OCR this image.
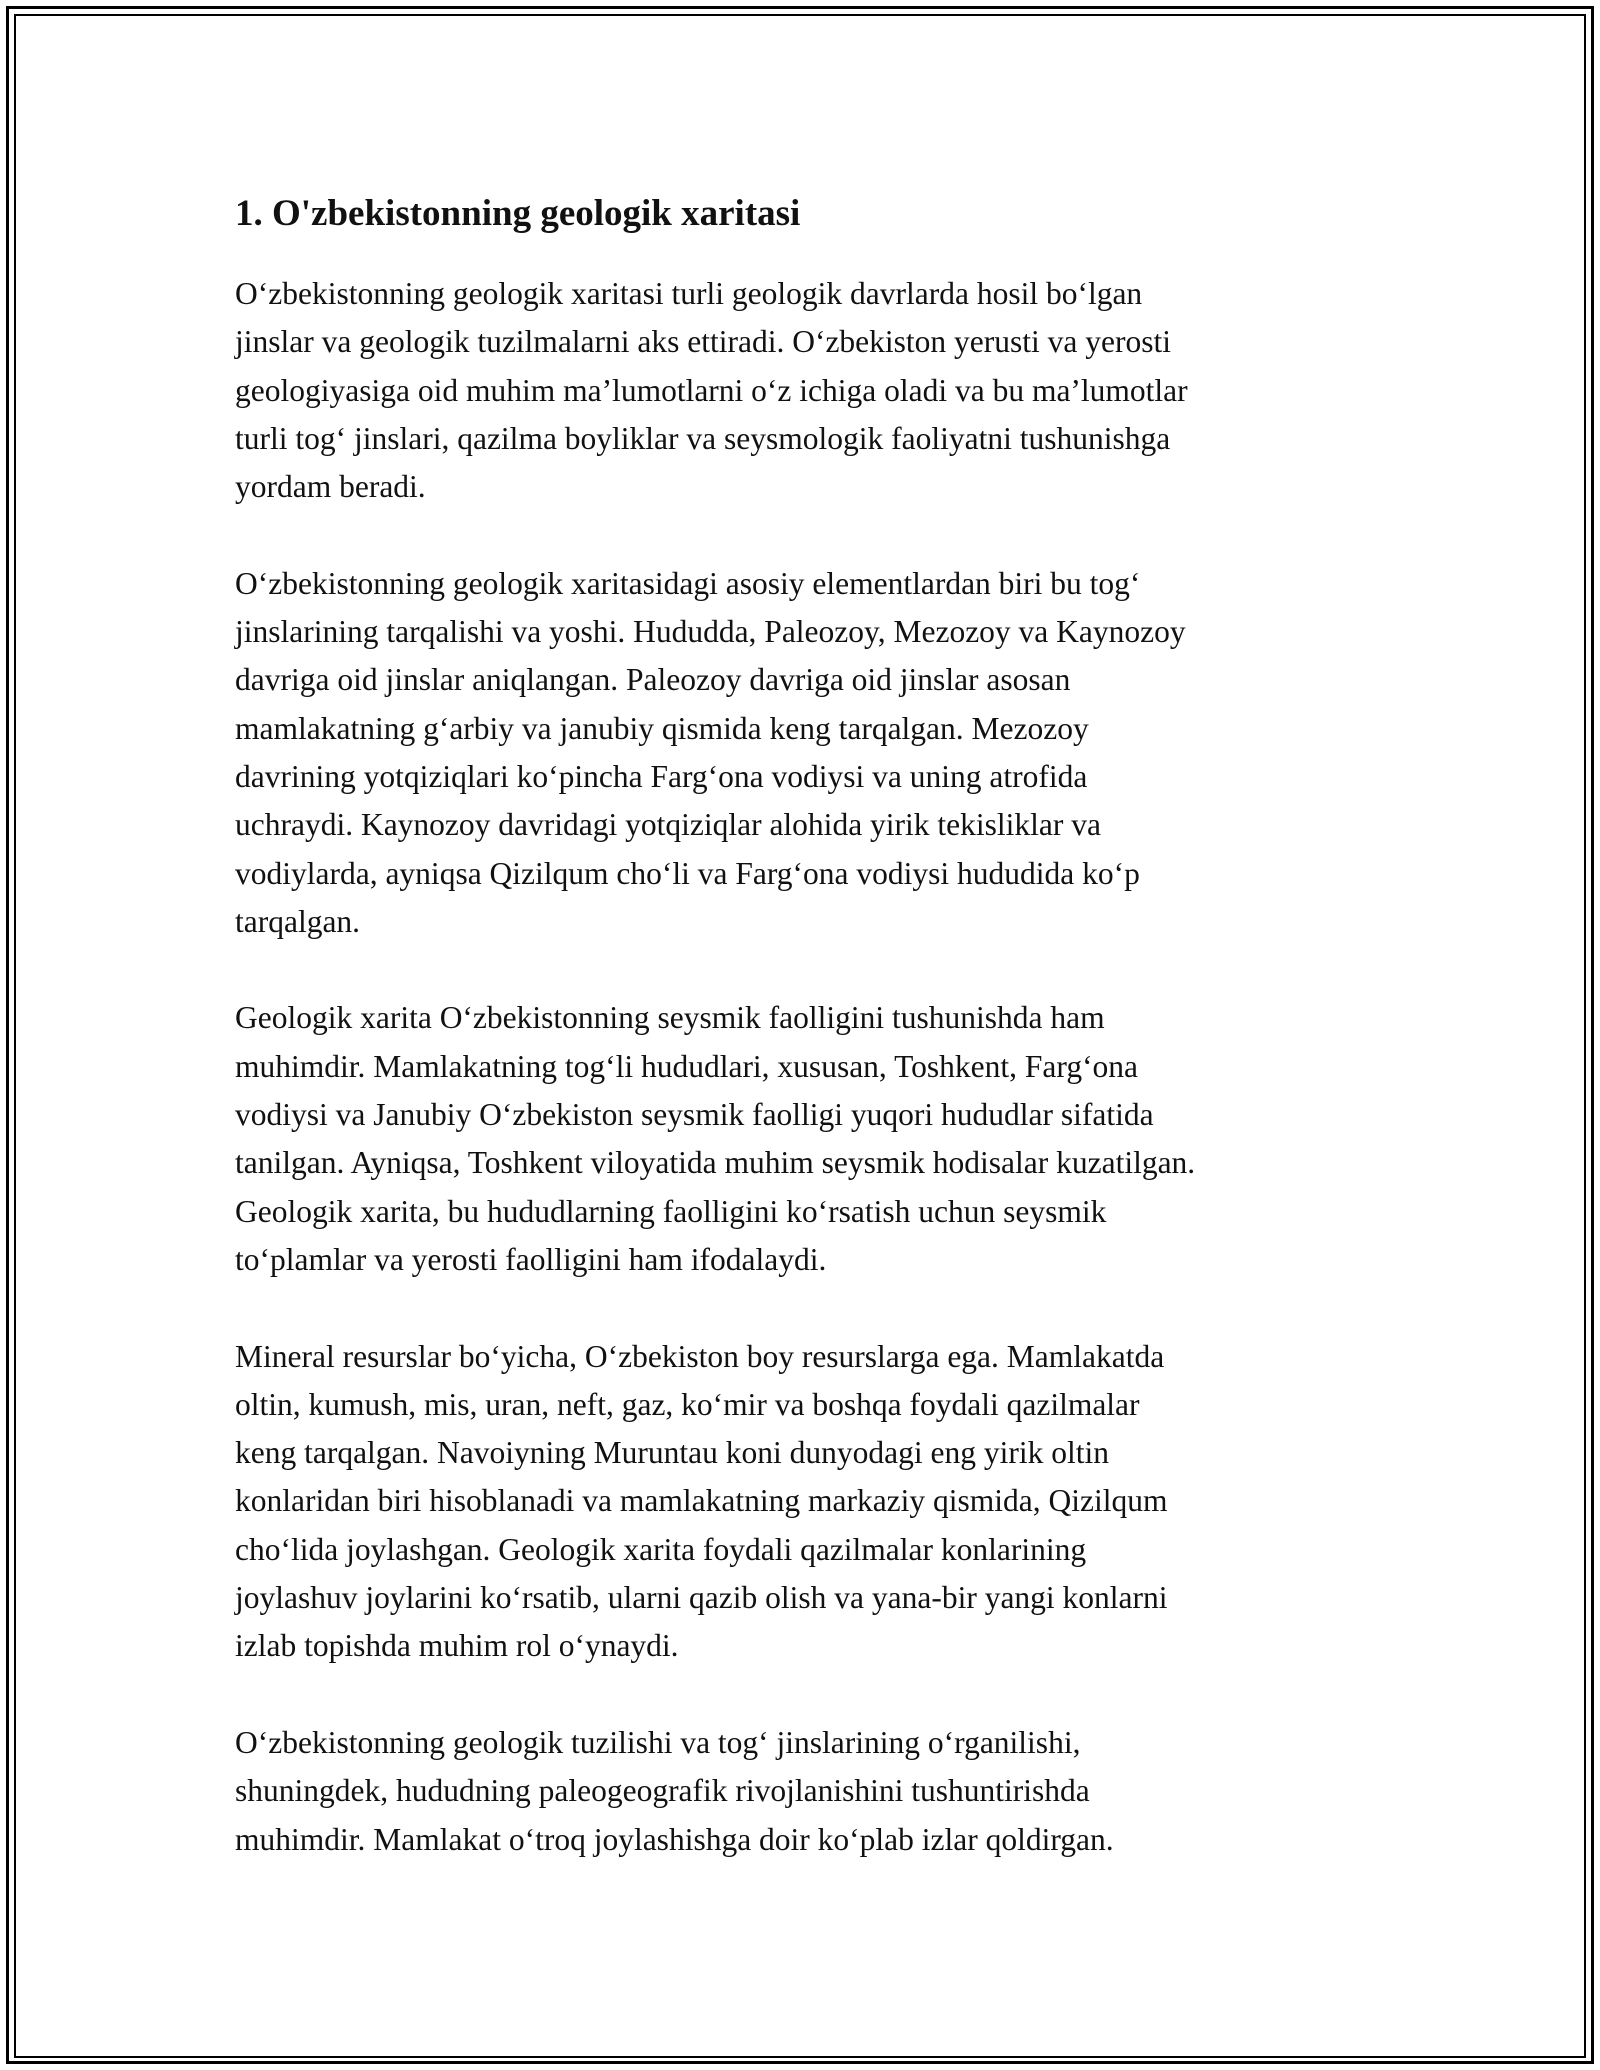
1. O'zbekistonning geologik xaritasi

O‘zbekistonning geologik xaritasi turli geologik davrlarda hosil bo‘lgan
jinslar va geologik tuzilmalarni aks ettiradi. O‘zbekiston yerusti va yerosti
geologiyasiga oid muhim ma’lumotlarni o‘z ichiga oladi va bu ma’lumotlar
turli tog‘ jinslari, qazilma boyliklar va seysmologik faoliyatni tushunishga
yordam beradi.

O‘zbekistonning geologik xaritasidagi asosiy elementlardan biri bu tog‘
jinslarining tarqalishi va yoshi. Hududda, Paleozoy, Mezozoy va Kaynozoy
davriga oid jinslar aniqlangan. Paleozoy davriga oid jinslar asosan
mamlakatning g‘arbiy va janubiy qismida keng tarqalgan. Mezozoy
davrining yotqiziqlari ko‘pincha Farg‘ona vodiysi va uning atrofida
uchraydi. Kaynozoy davridagi yotqiziqlar alohida yirik tekisliklar va
vodiylarda, ayniqsa Qizilqum cho‘li va Farg‘ona vodiysi hududida ko‘p
tarqalgan.

Geologik xarita O‘zbekistonning seysmik faolligini tushunishda ham
muhimdir. Mamlakatning tog‘li hududlari, xususan, Toshkent, Farg‘ona
vodiysi va Janubiy O‘zbekiston seysmik faolligi yuqori hududlar sifatida
tanilgan. Ayniqsa, Toshkent viloyatida muhim seysmik hodisalar kuzatilgan.
Geologik xarita, bu hududlarning faolligini ko‘rsatish uchun seysmik
to‘plamlar va yerosti faolligini ham ifodalaydi.

Mineral resurslar bo‘yicha, O‘zbekiston boy resurslarga ega. Mamlakatda
oltin, kumush, mis, uran, neft, gaz, ko‘mir va boshqa foydali qazilmalar
keng tarqalgan. Navoiyning Muruntau koni dunyodagi eng yirik oltin
konlaridan biri hisoblanadi va mamlakatning markaziy qismida, Qizilqum
cho‘lida joylashgan. Geologik xarita foydali qazilmalar konlarining
joylashuv joylarini ko‘rsatib, ularni qazib olish va yana-bir yangi konlarni
izlab topishda muhim rol o‘ynaydi.

O‘zbekistonning geologik tuzilishi va tog‘ jinslarining o‘rganilishi,
shuningdek, hududning paleogeografik rivojlanishini tushuntirishda
muhimdir. Mamlakat o‘troq joylashishga doir ko‘plab izlar qoldirgan.
